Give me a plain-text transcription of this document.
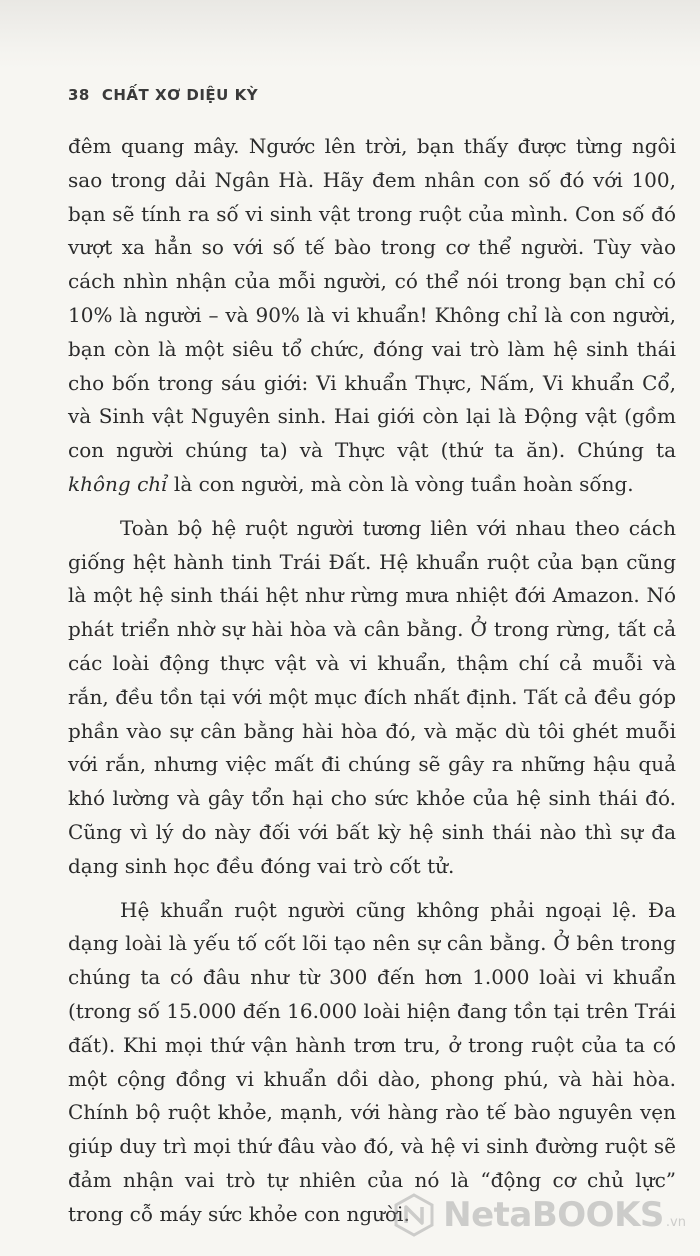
38 CHẤT XƠ DIỆU KỲ

đêm quang mây. Ngước lên trời, bạn thấy được từng ngôi sao trong dải Ngân Hà. Hãy đem nhân con số đó với 100, bạn sẽ tính ra số vi sinh vật trong ruột của mình. Con số đó vượt xa hẳn so với số tế bào trong cơ thể người. Tùy vào cách nhìn nhận của mỗi người, có thể nói trong bạn chỉ có 10% là người – và 90% là vi khuẩn! Không chỉ là con người, bạn còn là một siêu tổ chức, đóng vai trò làm hệ sinh thái cho bốn trong sáu giới: Vi khuẩn Thực, Nấm, Vi khuẩn Cổ, và Sinh vật Nguyên sinh. Hai giới còn lại là Động vật (gồm con người chúng ta) và Thực vật (thứ ta ăn). Chúng ta không chỉ là con người, mà còn là vòng tuần hoàn sống.

Toàn bộ hệ ruột người tương liên với nhau theo cách giống hệt hành tinh Trái Đất. Hệ khuẩn ruột của bạn cũng là một hệ sinh thái hệt như rừng mưa nhiệt đới Amazon. Nó phát triển nhờ sự hài hòa và cân bằng. Ở trong rừng, tất cả các loài động thực vật và vi khuẩn, thậm chí cả muỗi và rắn, đều tồn tại với một mục đích nhất định. Tất cả đều góp phần vào sự cân bằng hài hòa đó, và mặc dù tôi ghét muỗi với rắn, nhưng việc mất đi chúng sẽ gây ra những hậu quả khó lường và gây tổn hại cho sức khỏe của hệ sinh thái đó. Cũng vì lý do này đối với bất kỳ hệ sinh thái nào thì sự đa dạng sinh học đều đóng vai trò cốt tử.

Hệ khuẩn ruột người cũng không phải ngoại lệ. Đa dạng loài là yếu tố cốt lõi tạo nên sự cân bằng. Ở bên trong chúng ta có đâu như từ 300 đến hơn 1.000 loài vi khuẩn (trong số 15.000 đến 16.000 loài hiện đang tồn tại trên Trái đất). Khi mọi thứ vận hành trơn tru, ở trong ruột của ta có một cộng đồng vi khuẩn dồi dào, phong phú, và hài hòa. Chính bộ ruột khỏe, mạnh, với hàng rào tế bào nguyên vẹn giúp duy trì mọi thứ đâu vào đó, và hệ vi sinh đường ruột sẽ đảm nhận vai trò tự nhiên của nó là “động cơ chủ lực” trong cỗ máy sức khỏe con người. NetaBOOKS .vn
